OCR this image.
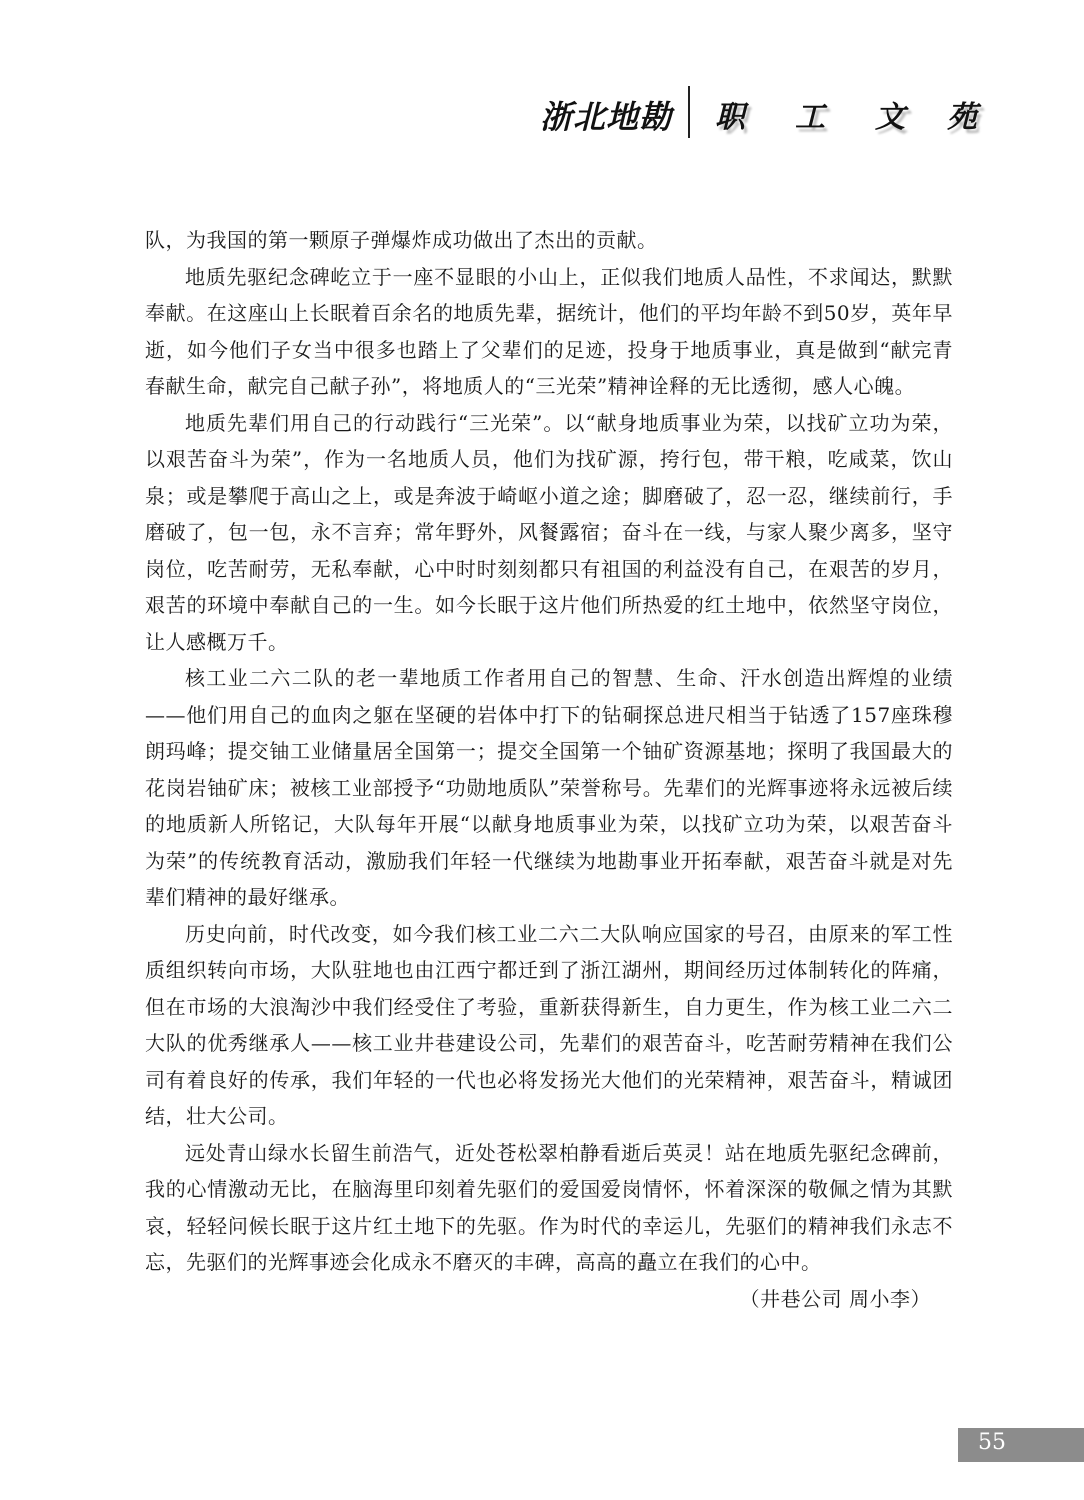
浙北地勘 职 工 文 苑

队，为我国的第一颗原子弹爆炸成功做出了杰出的贡献。

地质先驱纪念碑屹立于一座不显眼的小山上，正似我们地质人品性，不求闻达，默默奉献。在这座山上长眠着百余名的地质先辈，据统计，他们的平均年龄不到50岁，英年早逝，如今他们子女当中很多也踏上了父辈们的足迹，投身于地质事业，真是做到“献完青春献生命，献完自己献子孙”，将地质人的“三光荣”精神诠释的无比透彻，感人心魄。

地质先辈们用自己的行动践行“三光荣”。以“献身地质事业为荣，以找矿立功为荣，以艰苦奋斗为荣”，作为一名地质人员，他们为找矿源，挎行包，带干粮，吃咸菜，饮山泉；或是攀爬于高山之上，或是奔波于崎岖小道之途；脚磨破了，忍一忍，继续前行，手磨破了，包一包，永不言弃；常年野外，风餐露宿；奋斗在一线，与家人聚少离多，坚守岗位，吃苦耐劳，无私奉献，心中时时刻刻都只有祖国的利益没有自己，在艰苦的岁月，艰苦的环境中奉献自己的一生。如今长眠于这片他们所热爱的红土地中，依然坚守岗位，让人感概万千。

核工业二六二队的老一辈地质工作者用自己的智慧、生命、汗水创造出辉煌的业绩——他们用自己的血肉之躯在坚硬的岩体中打下的钻硐探总进尺相当于钻透了157座珠穆朗玛峰；提交铀工业储量居全国第一；提交全国第一个铀矿资源基地；探明了我国最大的花岗岩铀矿床；被核工业部授予“功勋地质队”荣誉称号。先辈们的光辉事迹将永远被后续的地质新人所铭记，大队每年开展“以献身地质事业为荣，以找矿立功为荣，以艰苦奋斗为荣”的传统教育活动，激励我们年轻一代继续为地勘事业开拓奉献，艰苦奋斗就是对先辈们精神的最好继承。

历史向前，时代改变，如今我们核工业二六二大队响应国家的号召，由原来的军工性质组织转向市场，大队驻地也由江西宁都迁到了浙江湖州，期间经历过体制转化的阵痛，但在市场的大浪淘沙中我们经受住了考验，重新获得新生，自力更生，作为核工业二六二大队的优秀继承人——核工业井巷建设公司，先辈们的艰苦奋斗，吃苦耐劳精神在我们公司有着良好的传承，我们年轻的一代也必将发扬光大他们的光荣精神，艰苦奋斗，精诚团结，壮大公司。

远处青山绿水长留生前浩气，近处苍松翠柏静看逝后英灵！站在地质先驱纪念碑前，我的心情激动无比，在脑海里印刻着先驱们的爱国爱岗情怀，怀着深深的敬佩之情为其默哀，轻轻问候长眠于这片红土地下的先驱。作为时代的幸运儿，先驱们的精神我们永志不忘，先驱们的光辉事迹会化成永不磨灭的丰碑，高高的矗立在我们的心中。

（井巷公司 周小李）

55
